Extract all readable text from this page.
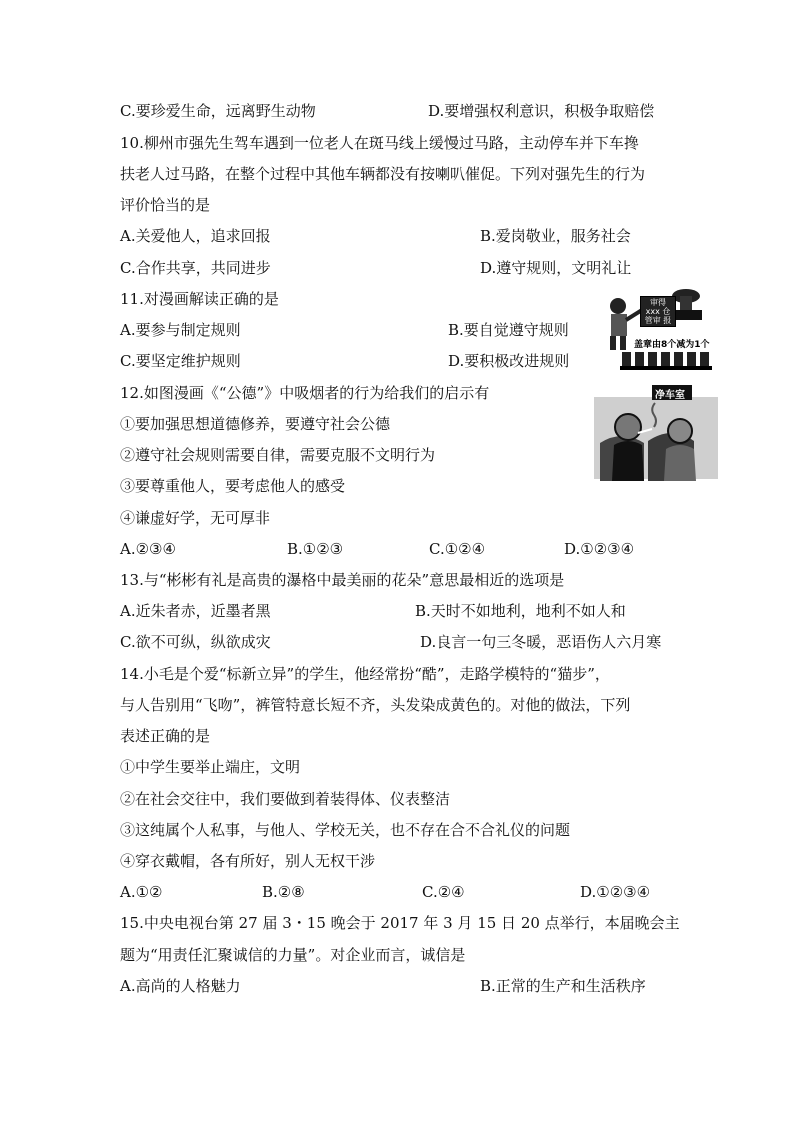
C.要珍爱生命，远离野生动物	D.要增强权利意识，积极争取赔偿
10.柳州市强先生驾车遇到一位老人在斑马线上缓慢过马路，主动停车并下车搀
扶老人过马路，在整个过程中其他车辆都没有按喇叭催促。下列对强先生的行为
评价恰当的是
A.关爱他人，追求回报	B.爱岗敬业，服务社会
C.合作共享，共同进步	D.遵守规则，文明礼让
11.对漫画解读正确的是
A.要参与制定规则	B.要自觉遵守规则
C.要坚定维护规则	D.要积极改进规则
审得xxx 仓管审 报
盖章由8个减为1个
12.如图漫画《“公德”》中吸烟者的行为给我们的启示有
①要加强思想道德修养，要遵守社会公德
②遵守社会规则需要自律，需要克服不文明行为
③要尊重他人，要考虑他人的感受
④谦虚好学，无可厚非
A.②③④	B.①②③	C.①②④	D.①②③④
净车室
13.与“彬彬有礼是高贵的瀑格中最美丽的花朵”意思最相近的选项是
A.近朱者赤，近墨者黑	B.天时不如地利，地利不如人和
C.欲不可纵，纵欲成灾	D.良言一句三冬暖，恶语伤人六月寒
14.小毛是个爱“标新立异”的学生，他经常扮“酷”，走路学模特的“猫步”，
与人告别用“飞吻”，裤管特意长短不齐，头发染成黄色的。对他的做法，下列
表述正确的是
①中学生要举止端庄，文明
②在社会交往中，我们要做到着装得体、仪表整洁
③这纯属个人私事，与他人、学校无关，也不存在合不合礼仪的问题
④穿衣戴帽，各有所好，别人无权干涉
A.①②	B.②⑧	C.②④	D.①②③④
15.中央电视台第 27 届 3・15 晚会于 2017 年 3 月 15 日 20 点举行，本届晚会主
题为“用责任汇聚诚信的力量”。对企业而言，诚信是
A.高尚的人格魅力	B.正常的生产和生活秩序
